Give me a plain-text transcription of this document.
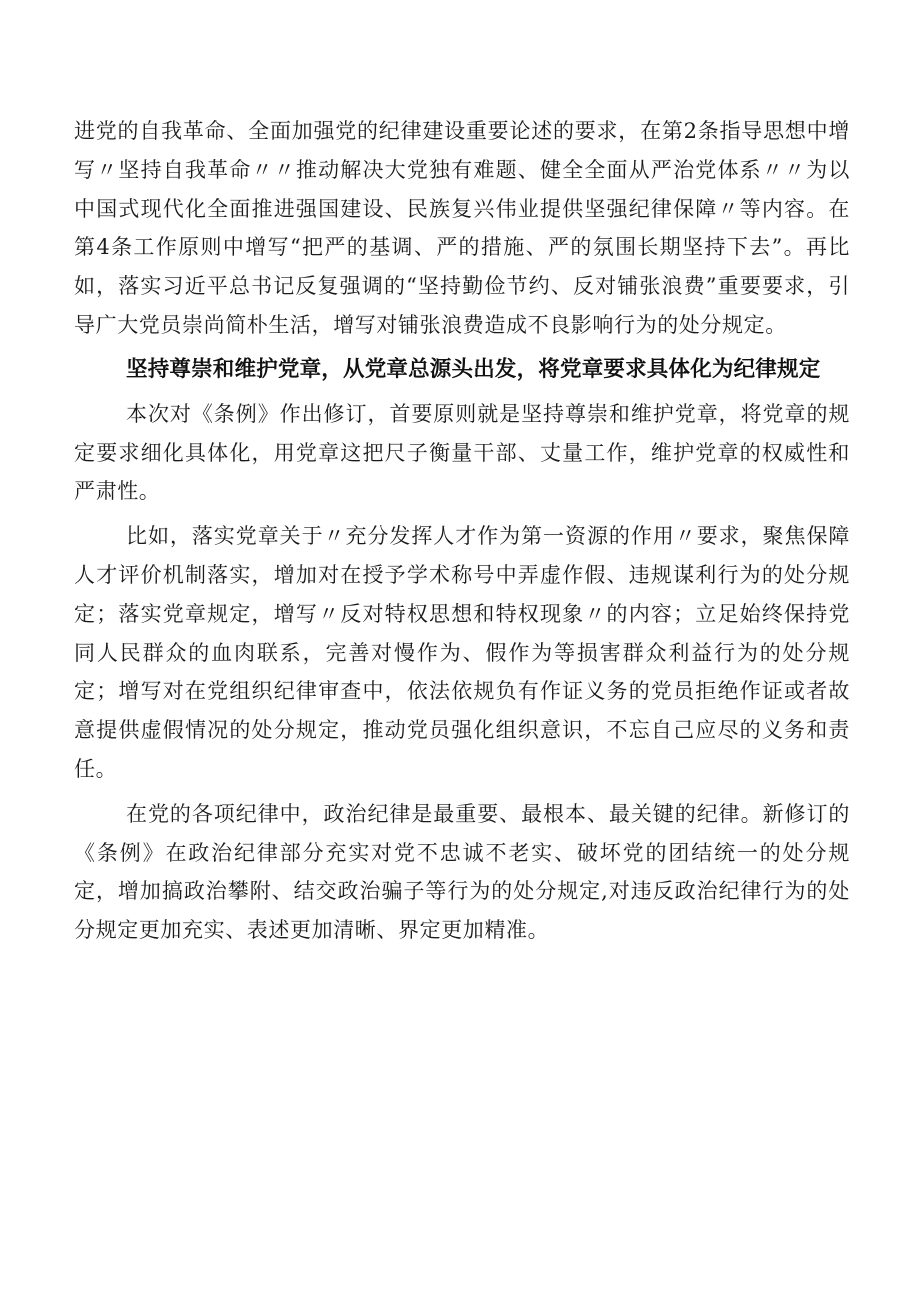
进党的自我革命、全面加强党的纪律建设重要论述的要求，在第2条指导思想中增写〃坚持自我革命〃〃推动解决大党独有难题、健全全面从严治党体系〃〃为以中国式现代化全面推进强国建设、民族复兴伟业提供坚强纪律保障〃等内容。在第4条工作原则中增写“把严的基调、严的措施、严的氛围长期坚持下去”。再比如，落实习近平总书记反复强调的“坚持勤俭节约、反对铺张浪费”重要要求，引导广大党员崇尚简朴生活，增写对铺张浪费造成不良影响行为的处分规定。

坚持尊崇和维护党章，从党章总源头出发，将党章要求具体化为纪律规定

本次对《条例》作出修订，首要原则就是坚持尊崇和维护党章，将党章的规定要求细化具体化，用党章这把尺子衡量干部、丈量工作，维护党章的权威性和严肃性。

比如，落实党章关于〃充分发挥人才作为第一资源的作用〃要求，聚焦保障人才评价机制落实，增加对在授予学术称号中弄虚作假、违规谋利行为的处分规定；落实党章规定，增写〃反对特权思想和特权现象〃的内容；立足始终保持党同人民群众的血肉联系，完善对慢作为、假作为等损害群众利益行为的处分规定；增写对在党组织纪律审查中，依法依规负有作证义务的党员拒绝作证或者故意提供虚假情况的处分规定，推动党员强化组织意识，不忘自己应尽的义务和责任。

在党的各项纪律中，政治纪律是最重要、最根本、最关键的纪律。新修订的《条例》在政治纪律部分充实对党不忠诚不老实、破坏党的团结统一的处分规定，增加搞政治攀附、结交政治骗子等行为的处分规定,对违反政治纪律行为的处分规定更加充实、表述更加清晰、界定更加精准。
